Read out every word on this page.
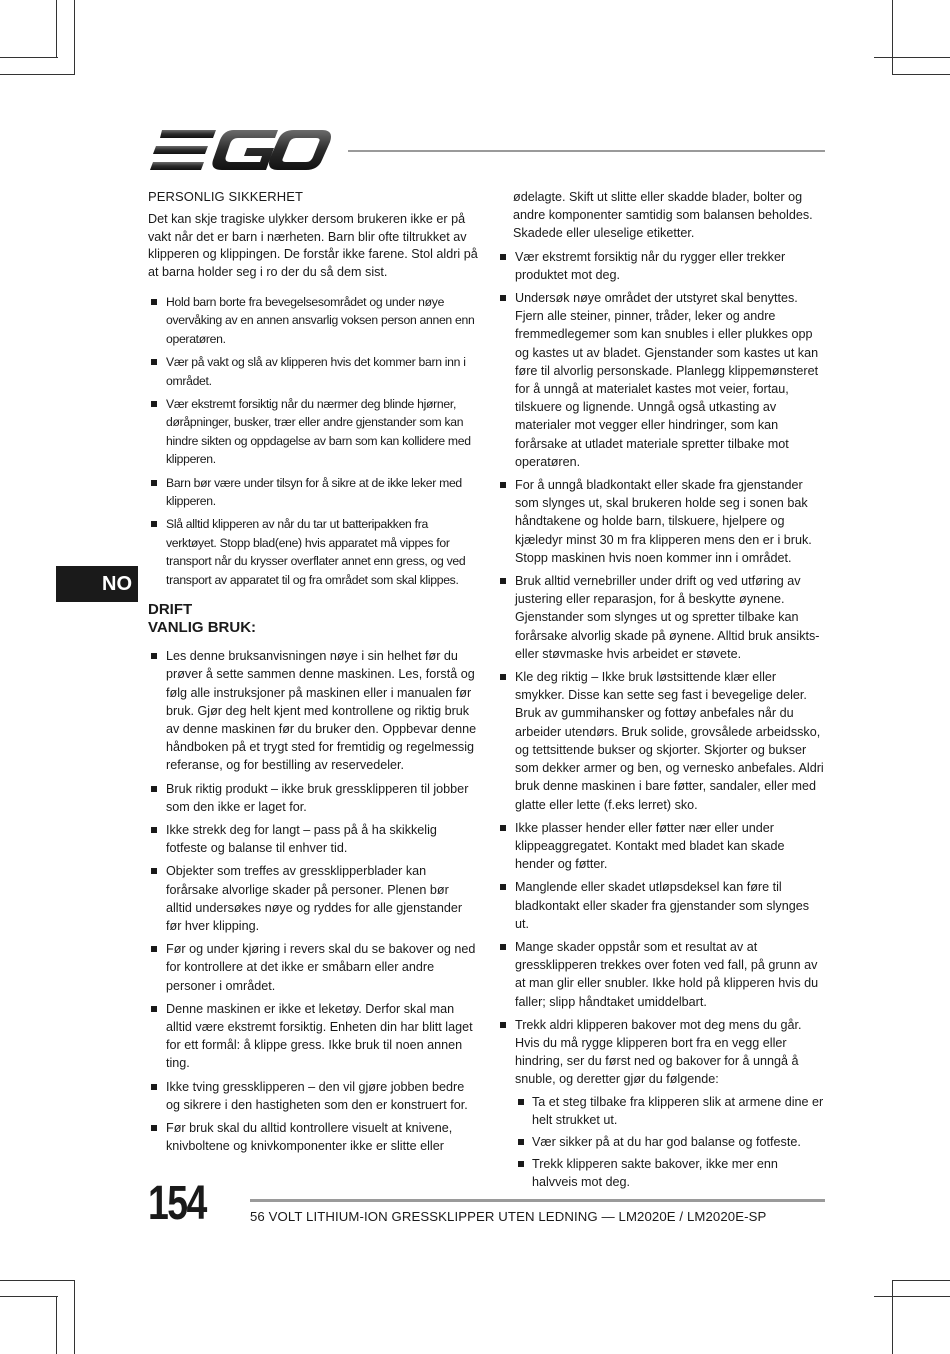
PERSONLIG SIKKERHET

Det kan skje tragiske ulykker dersom brukeren ikke er på vakt når det er barn i nærheten. Barn blir ofte tiltrukket av klipperen og klippingen. De forstår ikke farene. Stol aldri på at barna holder seg i ro der du så dem sist.

Hold barn borte fra bevegelsesområdet og under nøye overvåking av en annen ansvarlig voksen person annen enn operatøren.
Vær på vakt og slå av klipperen hvis det kommer barn inn i området.
Vær ekstremt forsiktig når du nærmer deg blinde hjørner, døråpninger, busker, trær eller andre gjenstander som kan hindre sikten og oppdagelse av barn som kan kollidere med klipperen.
Barn bør være under tilsyn for å sikre at de ikke leker med klipperen.
Slå alltid klipperen av når du tar ut batteripakken fra verktøyet. Stopp blad(ene) hvis apparatet må vippes for transport når du krysser overflater annet enn gress, og ved transport av apparatet til og fra området som skal klippes.
DRIFT
VANLIG BRUK:
Les denne bruksanvisningen nøye i sin helhet før du prøver å sette sammen denne maskinen. Les, forstå og følg alle instruksjoner på maskinen eller i manualen før bruk. Gjør deg helt kjent med kontrollene og riktig bruk av denne maskinen før du bruker den. Oppbevar denne håndboken på et trygt sted for fremtidig og regelmessig referanse, og for bestilling av reservedeler.
Bruk riktig produkt – ikke bruk gressklipperen til jobber som den ikke er laget for.
Ikke strekk deg for langt – pass på å ha skikkelig fotfeste og balanse til enhver tid.
Objekter som treffes av gressklipperblader kan forårsake alvorlige skader på personer. Plenen bør alltid undersøkes nøye og ryddes for alle gjenstander før hver klipping.
Før og under kjøring i revers skal du se bakover og ned for kontrollere at det ikke er småbarn eller andre personer i området.
Denne maskinen er ikke et leketøy. Derfor skal man alltid være ekstremt forsiktig. Enheten din har blitt laget for ett formål: å klippe gress. Ikke bruk til noen annen ting.
Ikke tving gressklipperen – den vil gjøre jobben bedre og sikrere i den hastigheten som den er konstruert for.
Før bruk skal du alltid kontrollere visuelt at knivene, knivboltene og knivkomponenter ikke er slitte eller

ødelagte. Skift ut slitte eller skadde blader, bolter og andre komponenter samtidig som balansen beholdes. Skadede eller uleselige etiketter.

Vær ekstremt forsiktig når du rygger eller trekker produktet mot deg.
Undersøk nøye området der utstyret skal benyttes. Fjern alle steiner, pinner, tråder, leker og andre fremmedlegemer som kan snubles i eller plukkes opp og kastes ut av bladet. Gjenstander som kastes ut kan føre til alvorlig personskade. Planlegg klippemønsteret for å unngå at materialet kastes mot veier, fortau, tilskuere og lignende. Unngå også utkasting av materialer mot vegger eller hindringer, som kan forårsake at utladet materiale spretter tilbake mot operatøren.
For å unngå bladkontakt eller skade fra gjenstander som slynges ut, skal brukeren holde seg i sonen bak håndtakene og holde barn, tilskuere, hjelpere og kjæledyr minst 30 m fra klipperen mens den er i bruk. Stopp maskinen hvis noen kommer inn i området.
Bruk alltid vernebriller under drift og ved utføring av justering eller reparasjon, for å beskytte øynene. Gjenstander som slynges ut og spretter tilbake kan forårsake alvorlig skade på øynene. Alltid bruk ansikts- eller støvmaske hvis arbeidet er støvete.
Kle deg riktig – Ikke bruk løstsittende klær eller smykker. Disse kan sette seg fast i bevegelige deler. Bruk av gummihansker og fottøy anbefales når du arbeider utendørs. Bruk solide, grovsålede arbeidssko, og tettsittende bukser og skjorter. Skjorter og bukser som dekker armer og ben, og vernesko anbefales. Aldri bruk denne maskinen i bare føtter, sandaler, eller med glatte eller lette (f.eks lerret) sko.
Ikke plasser hender eller føtter nær eller under klippeaggregatet. Kontakt med bladet kan skade hender og føtter.
Manglende eller skadet utløpsdeksel kan føre til bladkontakt eller skader fra gjenstander som slynges ut.
Mange skader oppstår som et resultat av at gressklipperen trekkes over foten ved fall, på grunn av at man glir eller snubler. Ikke hold på klipperen hvis du faller; slipp håndtaket umiddelbart.
Trekk aldri klipperen bakover mot deg mens du går. Hvis du må rygge klipperen bort fra en vegg eller hindring, ser du først ned og bakover for å unngå å snuble, og deretter gjør du følgende:
Ta et steg tilbake fra klipperen slik at armene dine er helt strukket ut.
Vær sikker på at du har god balanse og fotfeste.
Trekk klipperen sakte bakover, ikke mer enn halvveis mot deg.
NO
154	56 VOLT LITHIUM-ION GRESSKLIPPER UTEN LEDNING — LM2020E / LM2020E-SP
